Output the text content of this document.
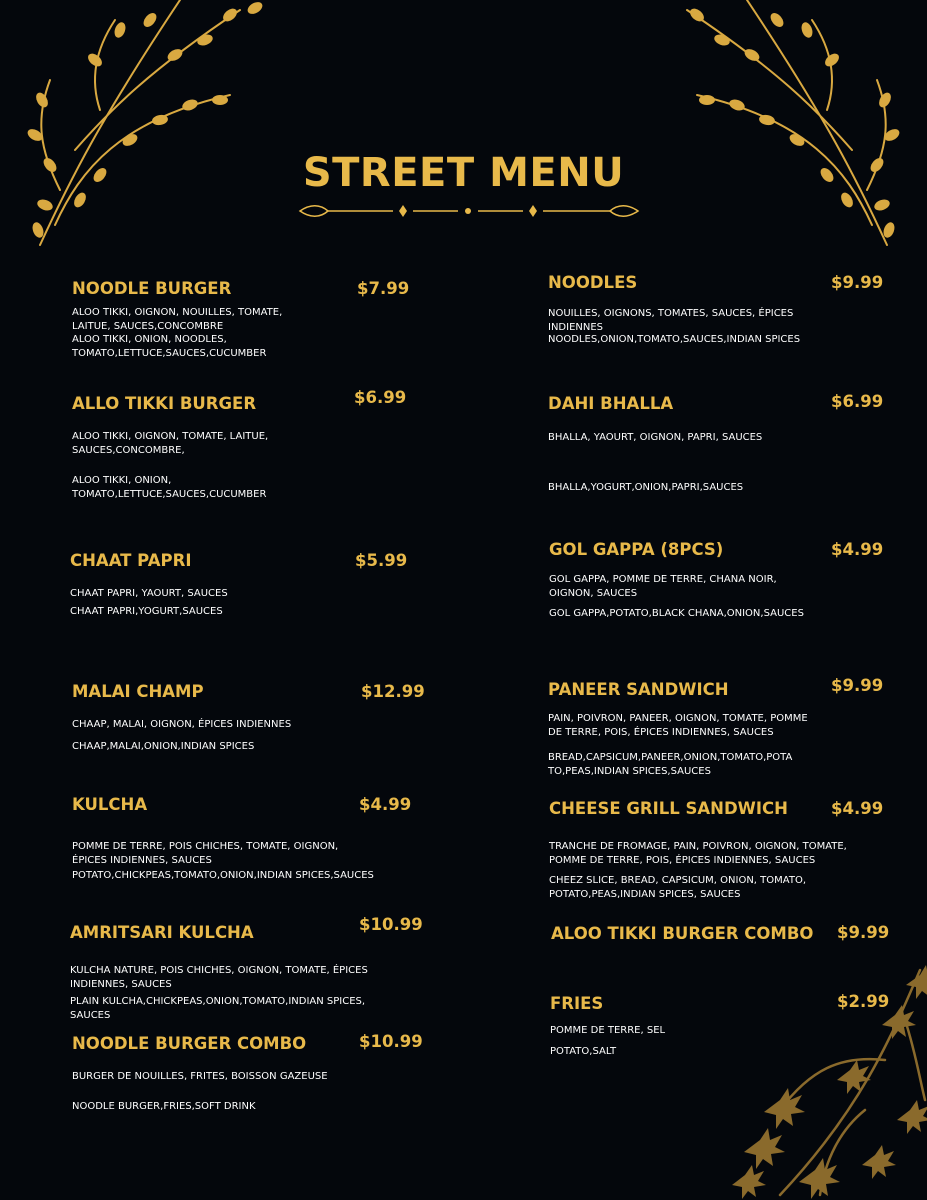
STREET MENU
NOODLE BURGER	$7.99

ALOO TIKKI, OIGNON, NOUILLES, TOMATE, LAITUE, SAUCES,CONCOMBRE

ALOO TIKKI, ONION, NOODLES, TOMATO,LETTUCE,SAUCES,CUCUMBER

ALLO TIKKI BURGER	$6.99

ALOO TIKKI, OIGNON, TOMATE, LAITUE, SAUCES,CONCOMBRE,

ALOO TIKKI, ONION, TOMATO,LETTUCE,SAUCES,CUCUMBER

CHAAT PAPRI	$5.99

CHAAT PAPRI, YAOURT, SAUCES

CHAAT PAPRI,YOGURT,SAUCES

MALAI CHAMP	$12.99

CHAAP, MALAI, OIGNON, ÉPICES INDIENNES

CHAAP,MALAI,ONION,INDIAN SPICES

KULCHA	$4.99

POMME DE TERRE, POIS CHICHES, TOMATE, OIGNON, ÉPICES INDIENNES, SAUCES

POTATO,CHICKPEAS,TOMATO,ONION,INDIAN SPICES,SAUCES

AMRITSARI KULCHA	$10.99

KULCHA NATURE, POIS CHICHES, OIGNON, TOMATE, ÉPICES INDIENNES, SAUCES

PLAIN KULCHA,CHICKPEAS,ONION,TOMATO,INDIAN SPICES, SAUCES

NOODLE BURGER COMBO	$10.99

BURGER DE NOUILLES, FRITES, BOISSON GAZEUSE

NOODLE BURGER,FRIES,SOFT DRINK

NOODLES	$9.99

NOUILLES, OIGNONS, TOMATES, SAUCES, ÉPICES INDIENNES

NOODLES,ONION,TOMATO,SAUCES,INDIAN SPICES

DAHI BHALLA	$6.99

BHALLA, YAOURT, OIGNON, PAPRI, SAUCES

BHALLA,YOGURT,ONION,PAPRI,SAUCES

GOL GAPPA (8PCS)	$4.99

GOL GAPPA, POMME DE TERRE, CHANA NOIR, OIGNON, SAUCES

GOL GAPPA,POTATO,BLACK CHANA,ONION,SAUCES

PANEER SANDWICH	$9.99

PAIN, POIVRON, PANEER, OIGNON, TOMATE, POMME DE TERRE, POIS, ÉPICES INDIENNES, SAUCES

BREAD,CAPSICUM,PANEER,ONION,TOMATO,POTATO,PEAS,INDIAN SPICES,SAUCES

CHEESE GRILL SANDWICH	$4.99

TRANCHE DE FROMAGE, PAIN, POIVRON, OIGNON, TOMATE, POMME DE TERRE, POIS, ÉPICES INDIENNES, SAUCES

CHEEZ SLICE, BREAD, CAPSICUM, ONION, TOMATO, POTATO,PEAS,INDIAN SPICES, SAUCES

ALOO TIKKI BURGER COMBO $9.99
FRIES	$2.99

POMME DE TERRE, SEL

POTATO,SALT
